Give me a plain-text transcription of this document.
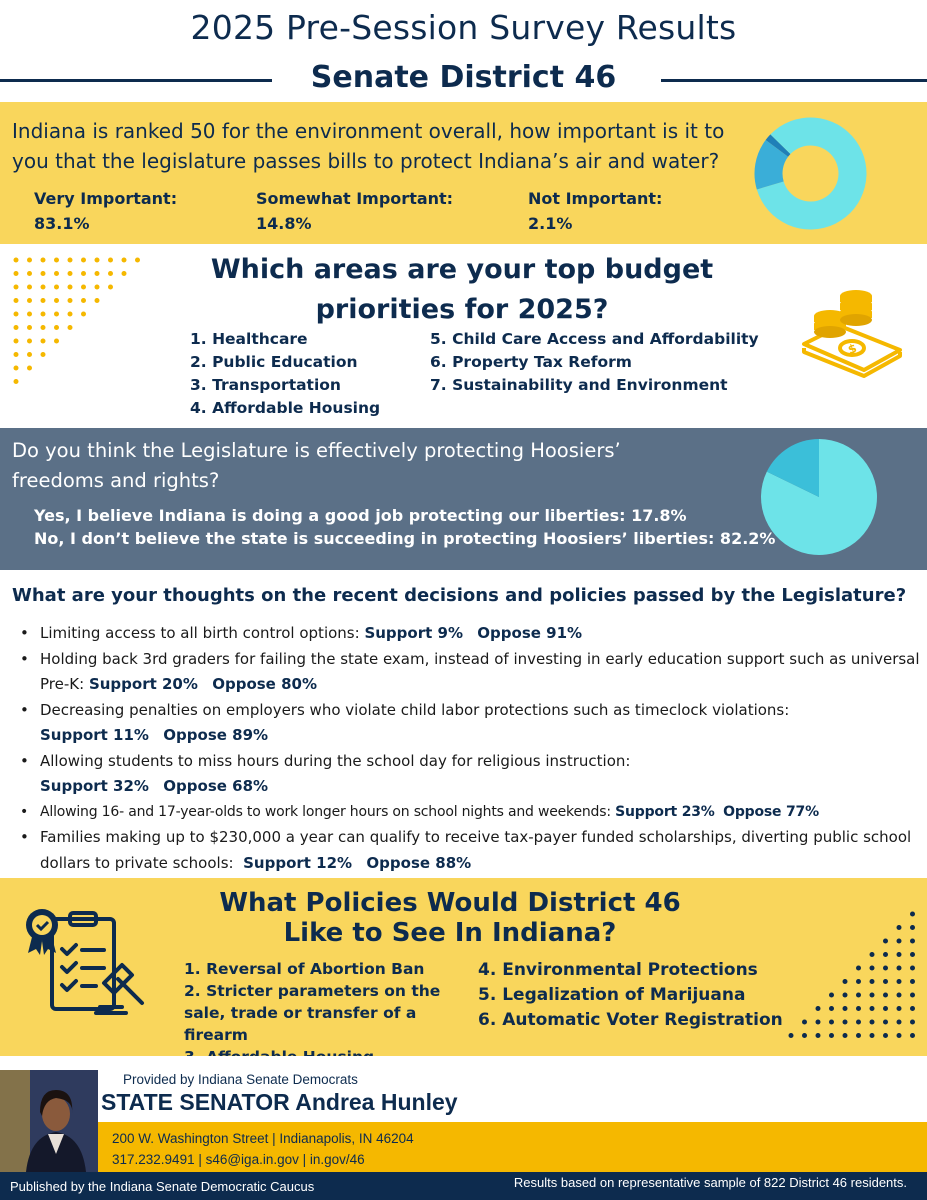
2025 Pre-Session Survey Results
Senate District 46
Indiana is ranked 50 for the environment overall, how important is it to you that the legislature passes bills to protect Indiana’s air and water?
Very Important:
83.1%
Somewhat Important:
14.8%
Not Important:
2.1%
Which areas are your top budget priorities for 2025?
1. Healthcare
2. Public Education
3. Transportation
4. Affordable Housing
5. Child Care Access and Affordability
6. Property Tax Reform
7. Sustainability and Environment
$
Do you think the Legislature is effectively protecting Hoosiers’ freedoms and rights?
Yes, I believe Indiana is doing a good job protecting our liberties: 17.8%
No, I don’t believe the state is succeeding in protecting Hoosiers’ liberties: 82.2%
What are your thoughts on the recent decisions and policies passed by the Legislature?
• Limiting access to all birth control options: Support 9% Oppose 91%
• Holding back 3rd graders for failing the state exam, instead of investing in early education support such as universal Pre-K: Support 20% Oppose 80%
• Decreasing penalties on employers who violate child labor protections such as timeclock violations:
Support 11% Oppose 89%
• Allowing students to miss hours during the school day for religious instruction:
Support 32% Oppose 68%
• Allowing 16- and 17-year-olds to work longer hours on school nights and weekends: Support 23% Oppose 77%
• Families making up to $230,000 a year can qualify to receive tax-payer funded scholarships, diverting public school dollars to private schools: Support 12% Oppose 88%
What Policies Would District 46
Like to See In Indiana?
1. Reversal of Abortion Ban
2. Stricter parameters on the sale, trade or transfer of a firearm
4. Environmental Protections
5. Legalization of Marijuana
6. Automatic Voter Registration
Provided by Indiana Senate Democrats
STATE SENATOR Andrea Hunley
200 W. Washington Street | Indianapolis, IN 46204
317.232.9491 | s46@iga.in.gov | in.gov/46
Published by the Indiana Senate Democratic Caucus	Results based on representative sample of 822 District 46 residents.
